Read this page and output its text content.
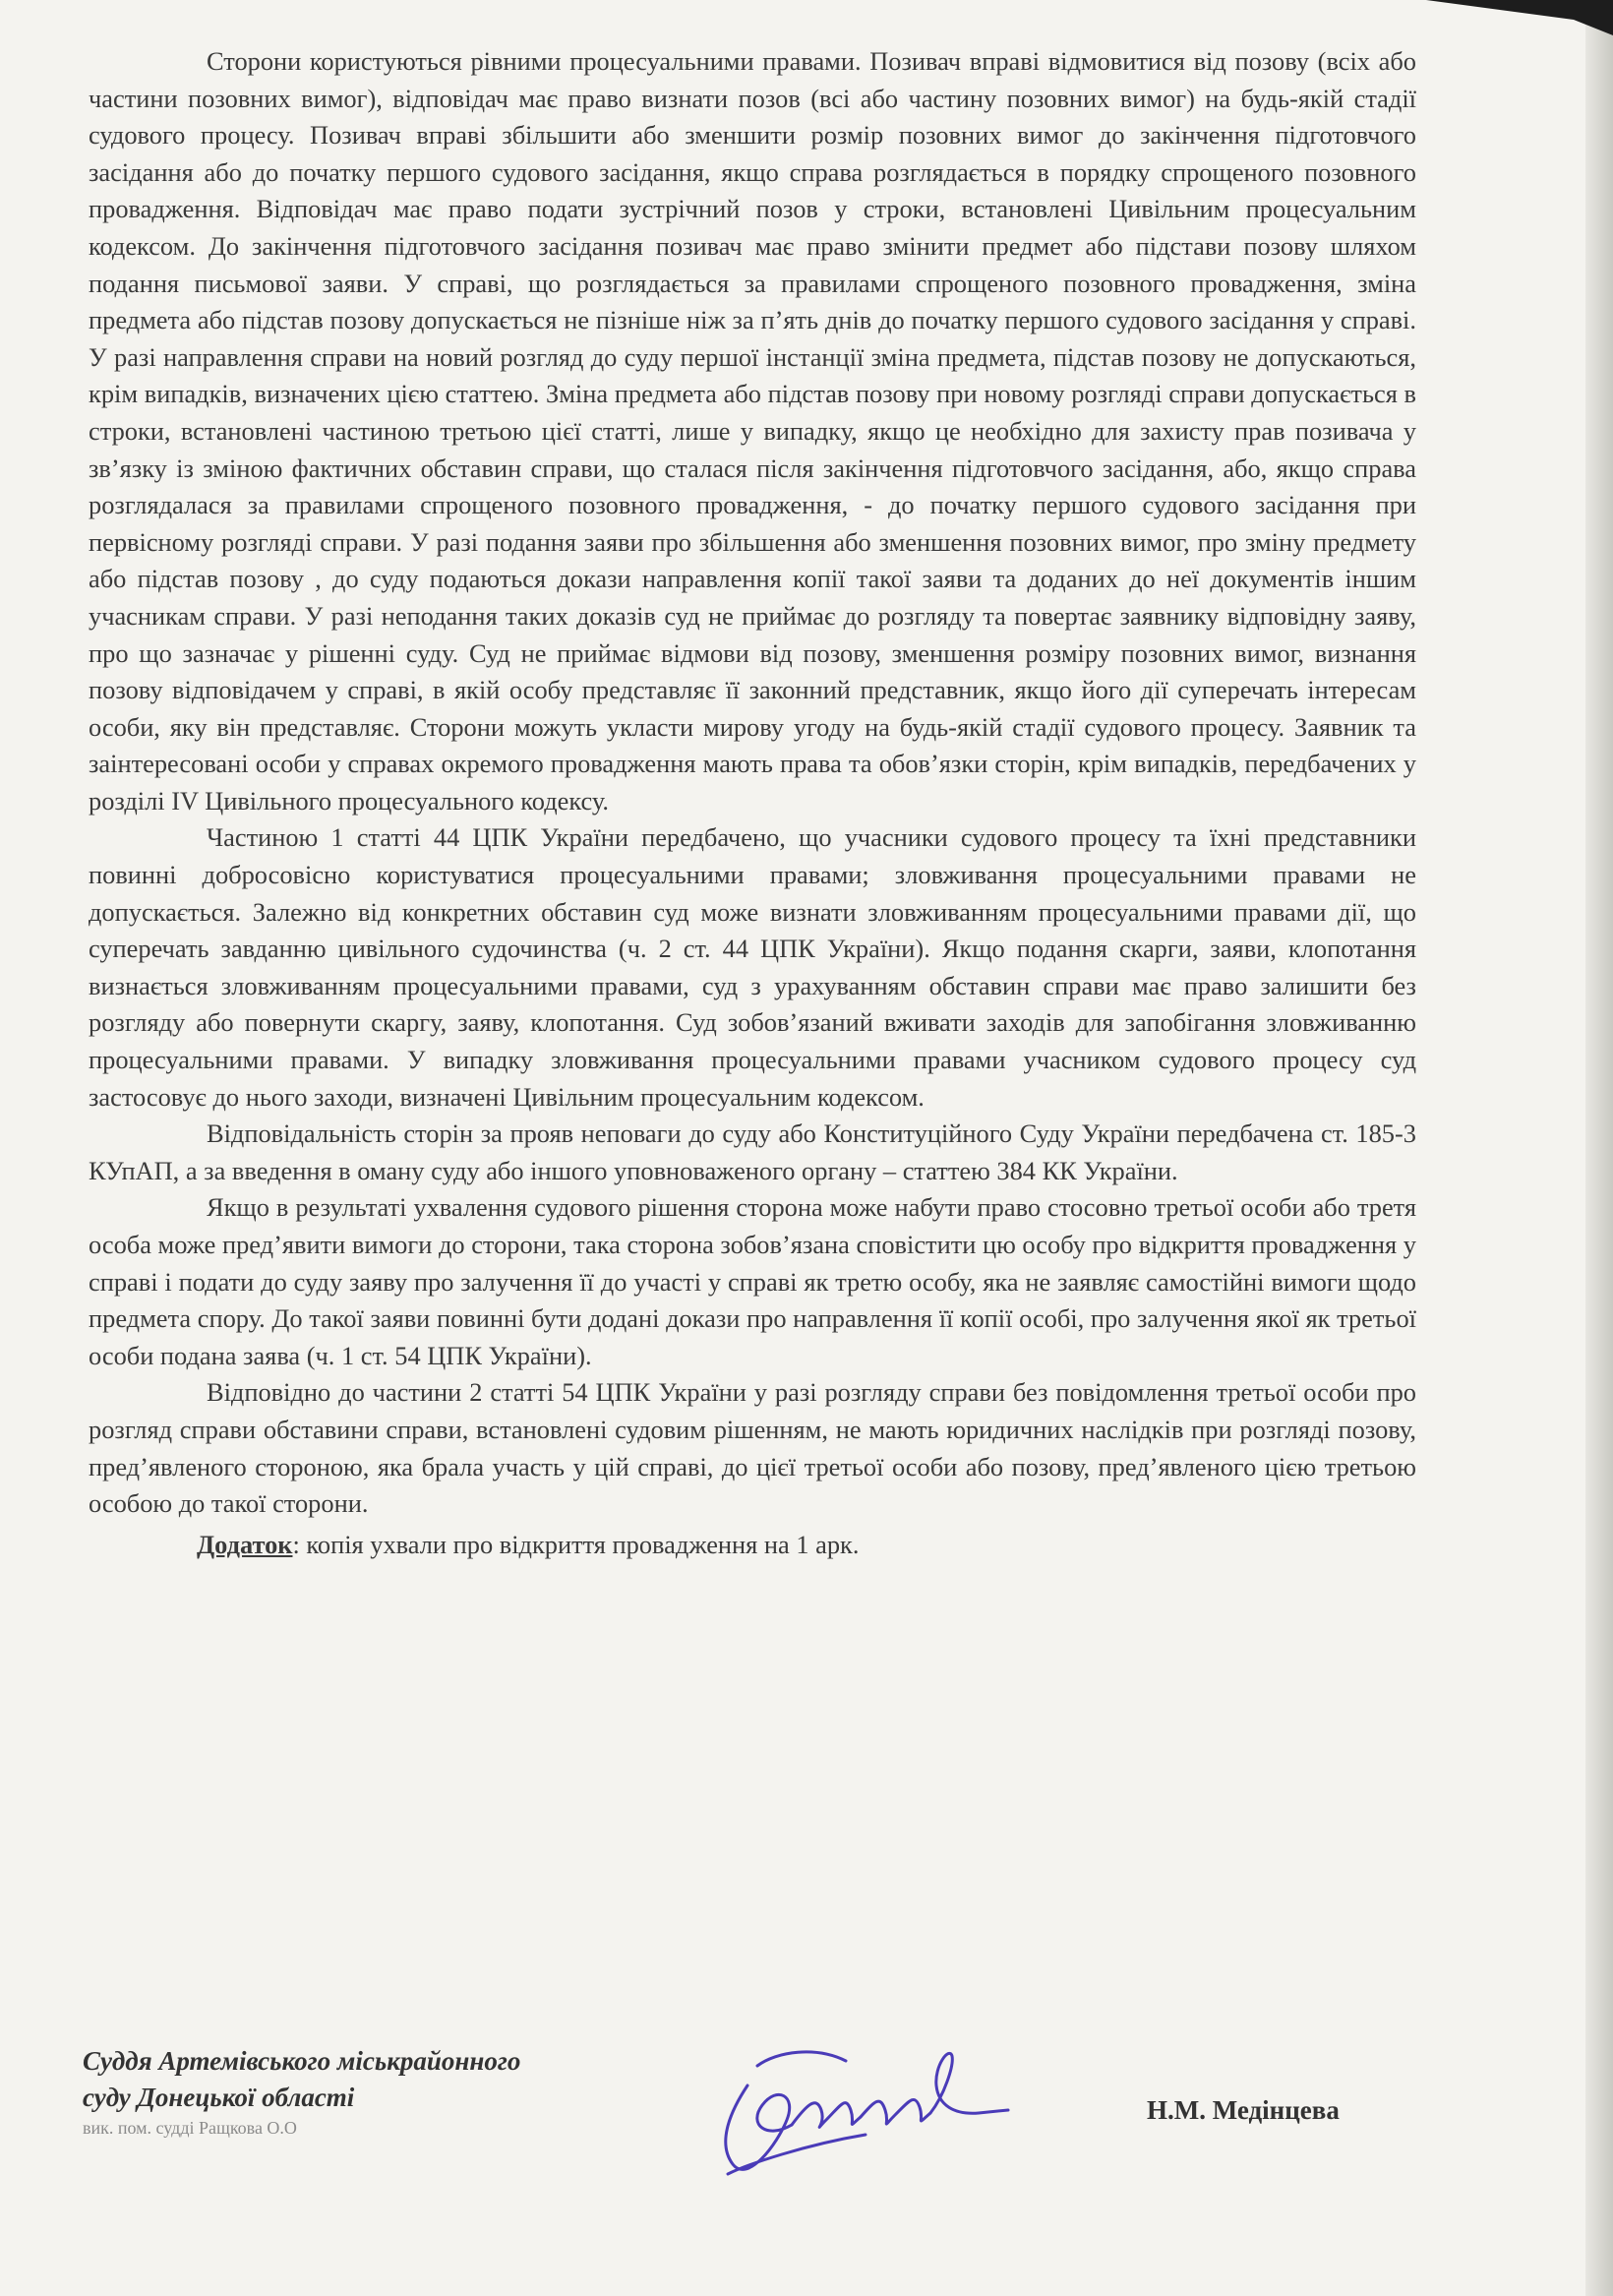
Сторони користуються рівними процесуальними правами. Позивач вправі відмовитися від позову (всіх або частини позовних вимог), відповідач має право визнати позов (всі або частину позовних вимог) на будь-якій стадії судового процесу. Позивач вправі збільшити або зменшити розмір позовних вимог до закінчення підготовчого засідання або до початку першого судового засідання, якщо справа розглядається в порядку спрощеного позовного провадження. Відповідач має право подати зустрічний позов у строки, встановлені Цивільним процесуальним кодексом. До закінчення підготовчого засідання позивач має право змінити предмет або підстави позову шляхом подання письмової заяви. У справі, що розглядається за правилами спрощеного позовного провадження, зміна предмета або підстав позову допускається не пізніше ніж за п’ять днів до початку першого судового засідання у справі. У разі направлення справи на новий розгляд до суду першої інстанції зміна предмета, підстав позову не допускаються, крім випадків, визначених цією статтею. Зміна предмета або підстав позову при новому розгляді справи допускається в строки, встановлені частиною третьою цієї статті, лише у випадку, якщо це необхідно для захисту прав позивача у зв’язку із зміною фактичних обставин справи, що сталася після закінчення підготовчого засідання, або, якщо справа розглядалася за правилами спрощеного позовного провадження, - до початку першого судового засідання при первісному розгляді справи. У разі подання заяви про збільшення або зменшення позовних вимог, про зміну предмету або підстав позову , до суду подаються докази направлення копії такої заяви та доданих до неї документів іншим учасникам справи. У разі неподання таких доказів суд не приймає до розгляду та повертає заявнику відповідну заяву, про що зазначає у рішенні суду. Суд не приймає відмови від позову, зменшення розміру позовних вимог, визнання позову відповідачем у справі, в якій особу представляє її законний представник, якщо його дії суперечать інтересам особи, яку він представляє. Сторони можуть укласти мирову угоду на будь-якій стадії судового процесу. Заявник та заінтересовані особи у справах окремого провадження мають права та обов’язки сторін, крім випадків, передбачених у розділі IV Цивільного процесуального кодексу.

Частиною 1 статті 44 ЦПК України передбачено, що учасники судового процесу та їхні представники повинні добросовісно користуватися процесуальними правами; зловживання процесуальними правами не допускається. Залежно від конкретних обставин суд може визнати зловживанням процесуальними правами дії, що суперечать завданню цивільного судочинства (ч. 2 ст. 44 ЦПК України). Якщо подання скарги, заяви, клопотання визнається зловживанням процесуальними правами, суд з урахуванням обставин справи має право залишити без розгляду або повернути скаргу, заяву, клопотання. Суд зобов’язаний вживати заходів для запобігання зловживанню процесуальними правами. У випадку зловживання процесуальними правами учасником судового процесу суд застосовує до нього заходи, визначені Цивільним процесуальним кодексом.

Відповідальність сторін за прояв неповаги до суду або Конституційного Суду України передбачена ст. 185-3 КУпАП, а за введення в оману суду або іншого уповноваженого органу – статтею 384 КК України.

Якщо в результаті ухвалення судового рішення сторона може набути право стосовно третьої особи або третя особа може пред’явити вимоги до сторони, така сторона зобов’язана сповістити цю особу про відкриття провадження у справі і подати до суду заяву про залучення її до участі у справі як третю особу, яка не заявляє самостійні вимоги щодо предмета спору. До такої заяви повинні бути додані докази про направлення її копії особі, про залучення якої як третьої особи подана заява (ч. 1 ст. 54 ЦПК України).

Відповідно до частини 2 статті 54 ЦПК України у разі розгляду справи без повідомлення третьої особи про розгляд справи обставини справи, встановлені судовим рішенням, не мають юридичних наслідків при розгляді позову, пред’явленого стороною, яка брала участь у цій справі, до цієї третьої особи або позову, пред’явленого цією третьою особою до такої сторони.

Додаток: копія ухвали про відкриття провадження на 1 арк.

Суддя Артемівського міськрайонного
суду Донецької області
вик. пом. судді Ращкова О.О
Н.М. Медінцева
